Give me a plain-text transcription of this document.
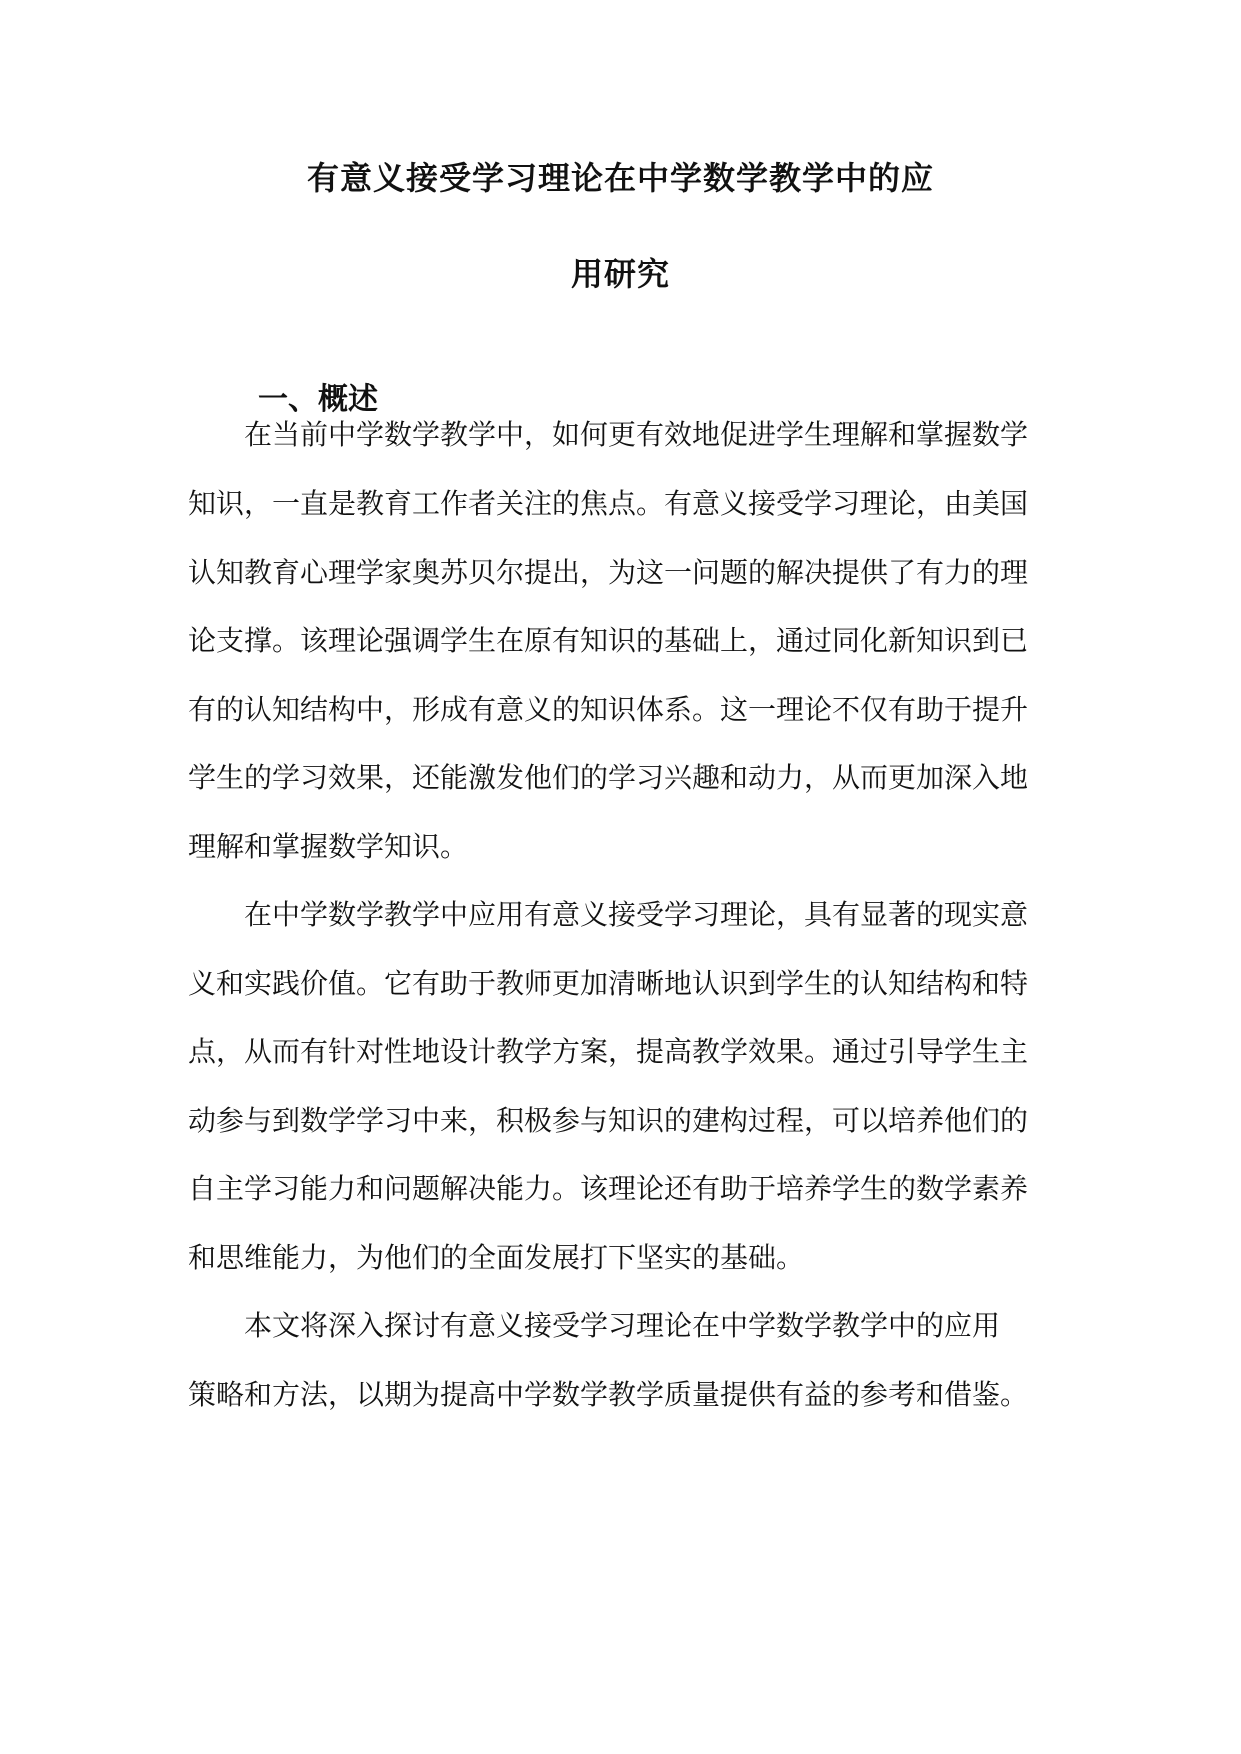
有意义接受学习理论在中学数学教学中的应
用研究
一、概述
在当前中学数学教学中，如何更有效地促进学生理解和掌握数学
知识，一直是教育工作者关注的焦点。有意义接受学习理论，由美国
认知教育心理学家奥苏贝尔提出，为这一问题的解决提供了有力的理
论支撑。该理论强调学生在原有知识的基础上，通过同化新知识到已
有的认知结构中，形成有意义的知识体系。这一理论不仅有助于提升
学生的学习效果，还能激发他们的学习兴趣和动力，从而更加深入地
理解和掌握数学知识。
在中学数学教学中应用有意义接受学习理论，具有显著的现实意
义和实践价值。它有助于教师更加清晰地认识到学生的认知结构和特
点，从而有针对性地设计教学方案，提高教学效果。通过引导学生主
动参与到数学学习中来，积极参与知识的建构过程，可以培养他们的
自主学习能力和问题解决能力。该理论还有助于培养学生的数学素养
和思维能力，为他们的全面发展打下坚实的基础。
本文将深入探讨有意义接受学习理论在中学数学教学中的应用
策略和方法，以期为提高中学数学教学质量提供有益的参考和借鉴。
